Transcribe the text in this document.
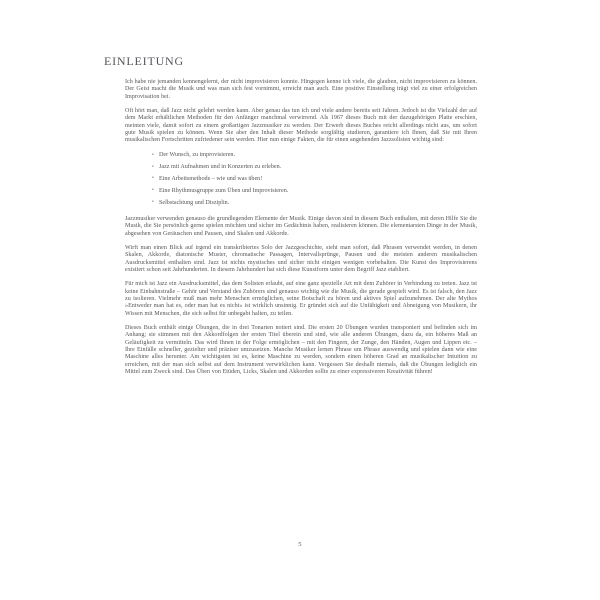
einleitung

Ich habe nie jemanden kennengelernt, der nicht improvisieren konnte. Hingegen kenne ich viele, die glauben, nicht improvisieren zu können. Der Geist macht die Musik und was man sich fest vornimmt, erreicht man auch. Eine positive Einstellung trägt viel zu einer erfolgreichen Improvisation bei.

Oft hört man, daß Jazz nicht gelehrt werden kann. Aber genau das tun ich und viele andere bereits seit Jahren. Jedoch ist die Vielzahl der auf dem Markt erhältlichen Methoden für den Anfänger manchmal verwirrend. Als 1967 dieses Buch mit der dazugehörigen Platte erschien, meinten viele, damit sofort zu einem großartigen Jazzmusiker zu werden. Der Erwerb dieses Buches reicht allerdings nicht aus, um sofort gute Musik spielen zu können. Wenn Sie aber den Inhalt dieser Methode sorgfältig studieren, garantiere ich Ihnen, daß Sie mit Ihren musikalischen Fortschritten zufriedener sein werden. Hier nun einige Fakten, die für einen angehenden Jazzsolisten wichtig sind:

• Der Wunsch, zu improvisieren.
• Jazz mit Aufnahmen und in Konzerten zu erleben.
• Eine Arbeitsmethode – wie und was üben!
• Eine Rhythmusgruppe zum Üben und Improvisieren.
• Selbstachtung und Disziplin.

Jazzmusiker verwenden genauso die grundlegenden Elemente der Musik. Einige davon sind in diesem Buch enthalten, mit deren Hilfe Sie die Musik, die Sie persönlich gerne spielen möchten und sicher im Gedächtnis haben, realisieren können. Die elementarsten Dinge in der Musik, abgesehen von Geräuschen und Pausen, sind Skalen und Akkorde.

Wirft man einen Blick auf irgend ein transkribiertes Solo der Jazzgeschichte, sieht man sofort, daß Phrasen verwendet werden, in denen Skalen, Akkorde, diatonische Muster, chromatische Passagen, Intervallsprünge, Pausen und die meisten anderen musikalischen Ausdrucksmittel enthalten sind. Jazz ist nichts mystisches und sicher nicht einigen wenigen vorbehalten. Die Kunst des Improvisierens existiert schon seit Jahrhunderten. In diesem Jahrhundert hat sich diese Kunstform unter dem Begriff Jazz etabliert.

Für mich ist Jazz ein Ausdrucksmittel, das dem Solisten erlaubt, auf eine ganz spezielle Art mit dem Zuhörer in Verbindung zu treten. Jazz ist keine Einbahnstraße – Gehör und Verstand des Zuhörers sind genauso wichtig wie die Musik, die gerade gespielt wird. Es ist falsch, den Jazz zu isolieren. Vielmehr muß man mehr Menschen ermöglichen, seine Botschaft zu hören und aktives Spiel aufzunehmen. Der alte Mythos »Entweder man hat es, oder man hat es nicht« ist wirklich unsinnig. Er gründet sich auf die Unfähigkeit und Abneigung von Musikern, ihr Wissen mit Menschen, die sich selbst für unbegabt halten, zu teilen.

Dieses Buch enthält einige Übungen, die in drei Tonarten notiert sind. Die ersten 20 Übungen wurden transponiert und befinden sich im Anhang; sie stimmen mit den Akkordfolgen der ersten Titel überein und sind, wie alle anderen Übungen, dazu da, ein höheres Maß an Geläufigkeit zu vermitteln. Das wird Ihnen in der Folge ermöglichen – mit den Fingern, der Zunge, den Händen, Augen und Lippen etc. – Ihre Einfälle schneller, gezielter und präziser umzusetzen. Manche Musiker lernen Phrase um Phrase auswendig und spielen dann wie eine Maschine alles herunter. Am wichtigsten ist es, keine Maschine zu werden, sondern einen höheren Grad an musikalischer Intuition zu erreichen, mit der man sich selbst auf dem Instrument verwirklichen kann. Vergessen Sie deshalb niemals, daß die Übungen lediglich ein Mittel zum Zweck sind. Das Üben von Etüden, Licks, Skalen und Akkorden sollte zu einer expressiveren Kreativität führen!

5
